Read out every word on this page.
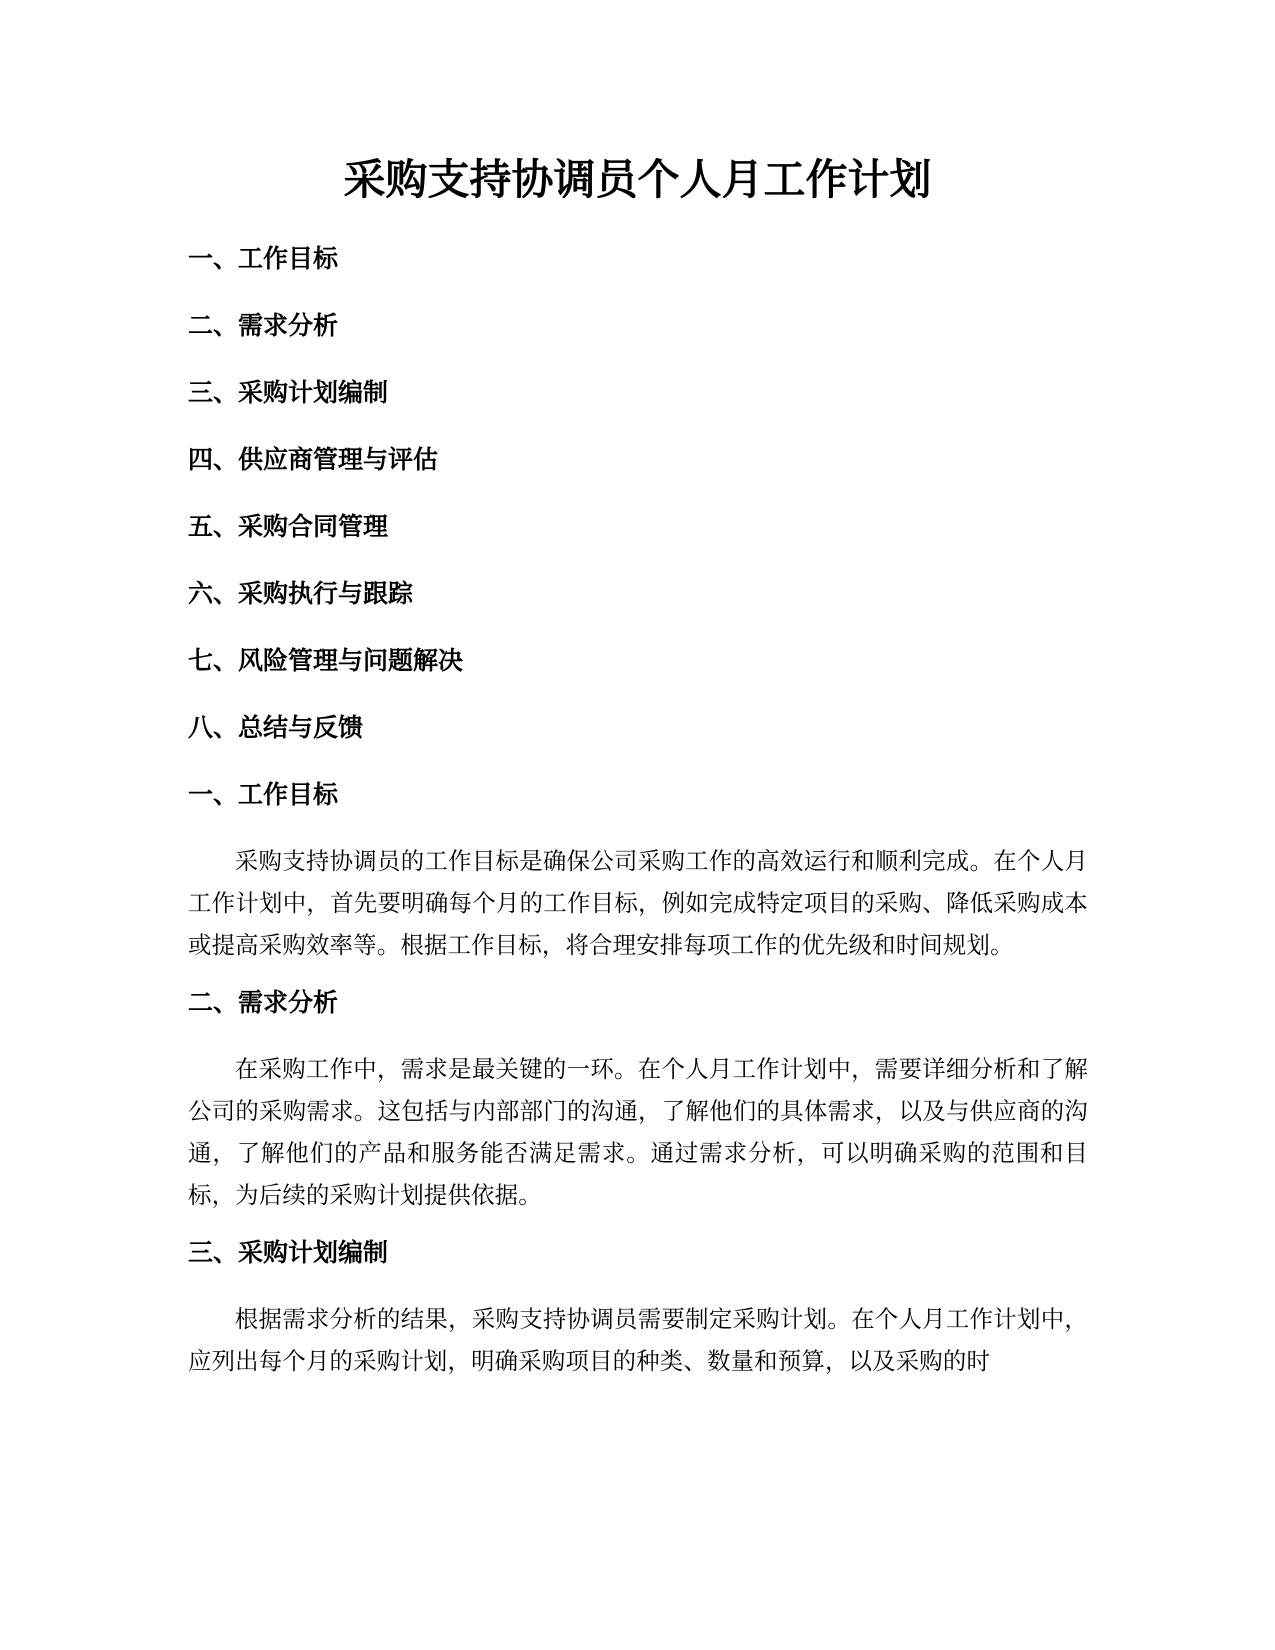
采购支持协调员个人月工作计划
一、工作目标
二、需求分析
三、采购计划编制
四、供应商管理与评估
五、采购合同管理
六、采购执行与跟踪
七、风险管理与问题解决
八、总结与反馈
一、工作目标

采购支持协调员的工作目标是确保公司采购工作的高效运行和顺利完成。在个人月工作计划中，首先要明确每个月的工作目标，例如完成特定项目的采购、降低采购成本或提高采购效率等。根据工作目标，将合理安排每项工作的优先级和时间规划。

二、需求分析

在采购工作中，需求是最关键的一环。在个人月工作计划中，需要详细分析和了解公司的采购需求。这包括与内部部门的沟通，了解他们的具体需求，以及与供应商的沟通，了解他们的产品和服务能否满足需求。通过需求分析，可以明确采购的范围和目标，为后续的采购计划提供依据。

三、采购计划编制

根据需求分析的结果，采购支持协调员需要制定采购计划。在个人月工作计划中，应列出每个月的采购计划，明确采购项目的种类、数量和预算，以及采购的时
